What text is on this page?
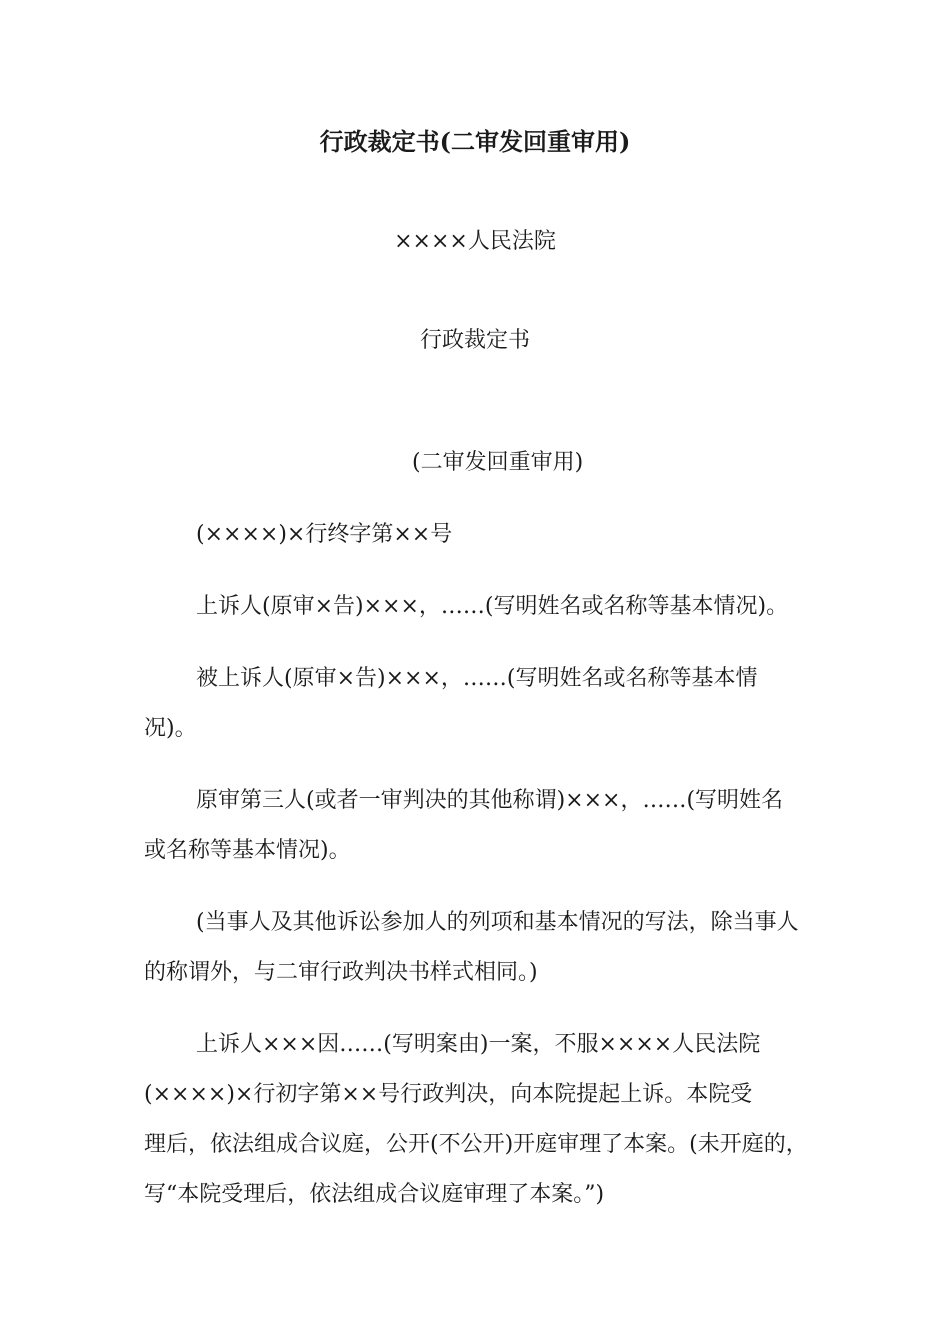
行政裁定书(二审发回重审用)
××××人民法院
行政裁定书
(二审发回重审用)
(××××)×行终字第××号
上诉人(原审×告)×××，……(写明姓名或名称等基本情况)。
被上诉人(原审×告)×××，……(写明姓名或名称等基本情
况)。
原审第三人(或者一审判决的其他称谓)×××，……(写明姓名
或名称等基本情况)。
(当事人及其他诉讼参加人的列项和基本情况的写法，除当事人
的称谓外，与二审行政判决书样式相同。)
上诉人×××因……(写明案由)一案，不服××××人民法院
(××××)×行初字第××号行政判决，向本院提起上诉。本院受
理后，依法组成合议庭，公开(不公开)开庭审理了本案。(未开庭的，
写“本院受理后，依法组成合议庭审理了本案。”)
